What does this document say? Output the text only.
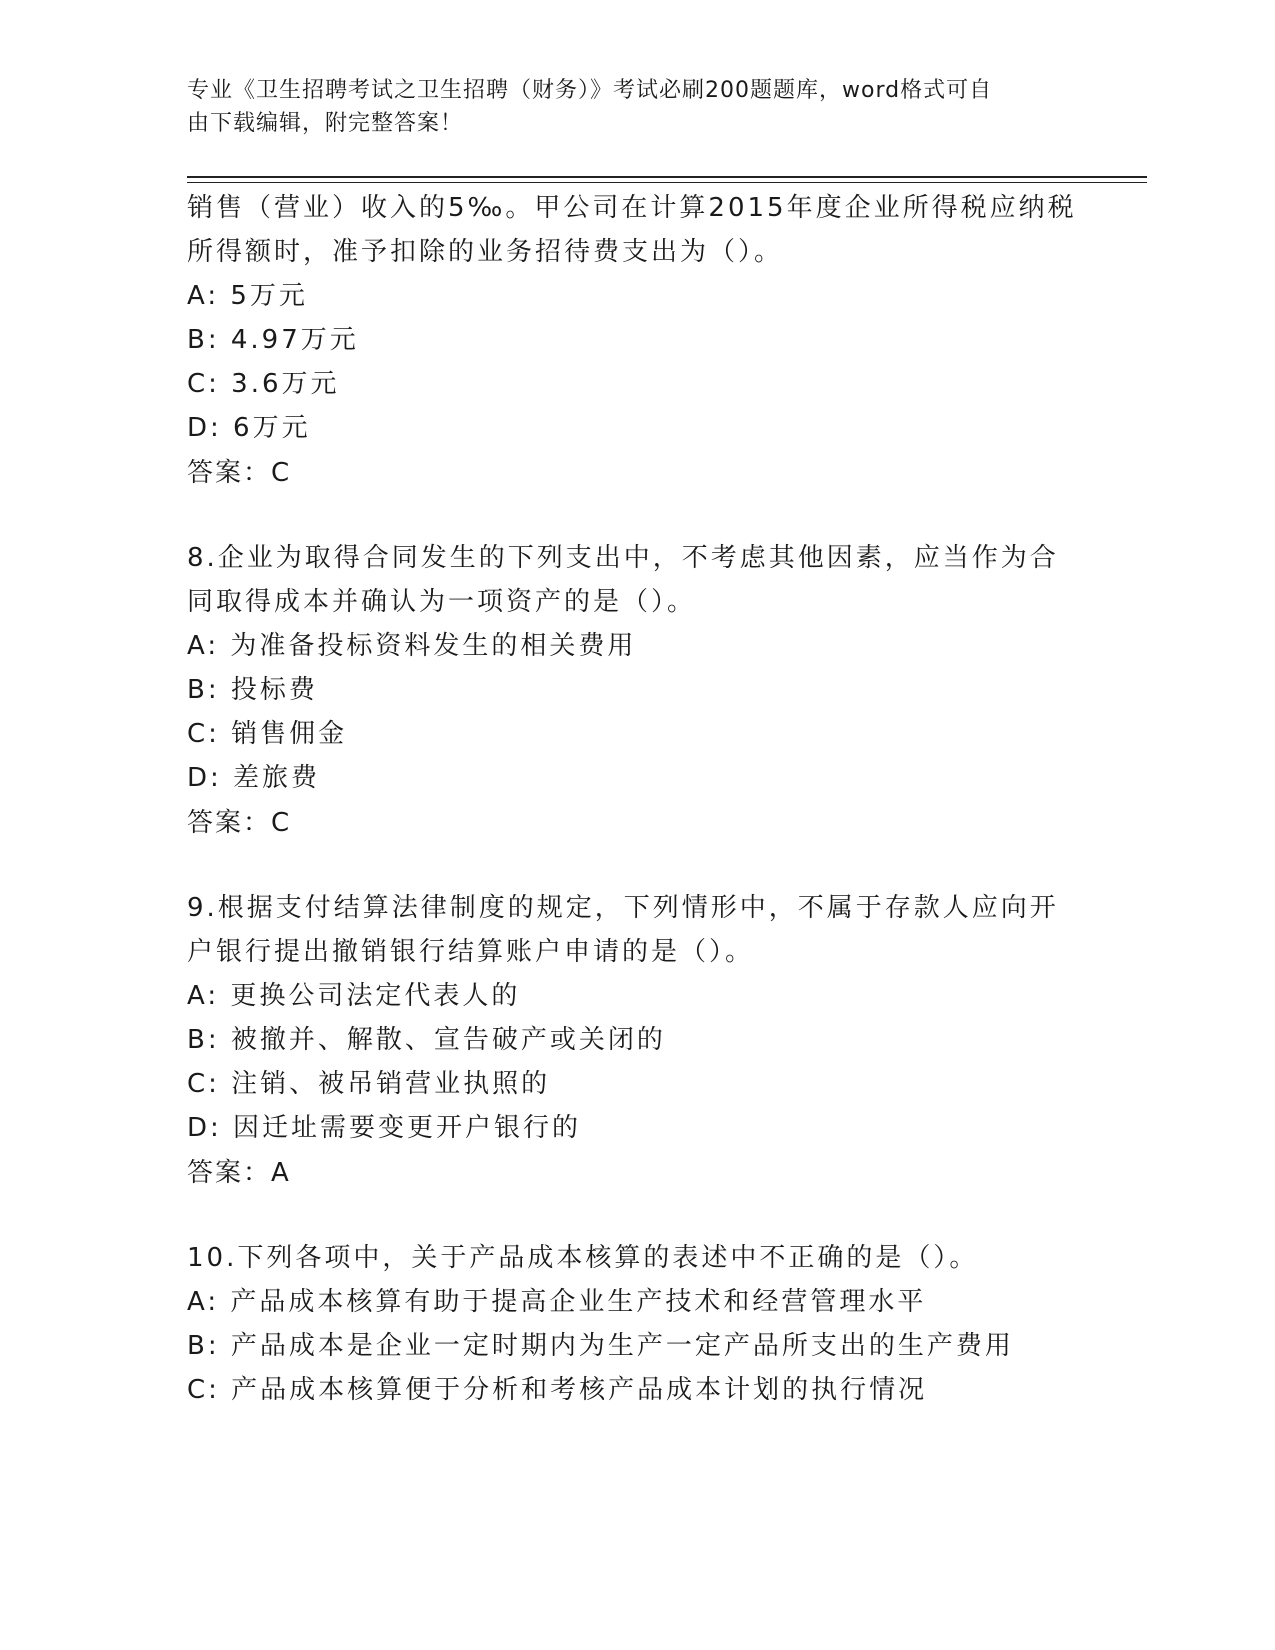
专业《卫生招聘考试之卫生招聘（财务）》考试必刷200题题库，word格式可自
由下载编辑，附完整答案！
销售（营业）收入的5‰。甲公司在计算2015年度企业所得税应纳税
所得额时，准予扣除的业务招待费支出为（）。
A: 5万元
B: 4.97万元
C: 3.6万元
D: 6万元
答案：C
8.企业为取得合同发生的下列支出中，不考虑其他因素，应当作为合
同取得成本并确认为一项资产的是（）。
A: 为准备投标资料发生的相关费用
B: 投标费
C: 销售佣金
D: 差旅费
答案：C
9.根据支付结算法律制度的规定，下列情形中，不属于存款人应向开
户银行提出撤销银行结算账户申请的是（）。
A: 更换公司法定代表人的
B: 被撤并、解散、宣告破产或关闭的
C: 注销、被吊销营业执照的
D: 因迁址需要变更开户银行的
答案：A
10.下列各项中，关于产品成本核算的表述中不正确的是（）。
A: 产品成本核算有助于提高企业生产技术和经营管理水平
B: 产品成本是企业一定时期内为生产一定产品所支出的生产费用
C: 产品成本核算便于分析和考核产品成本计划的执行情况
